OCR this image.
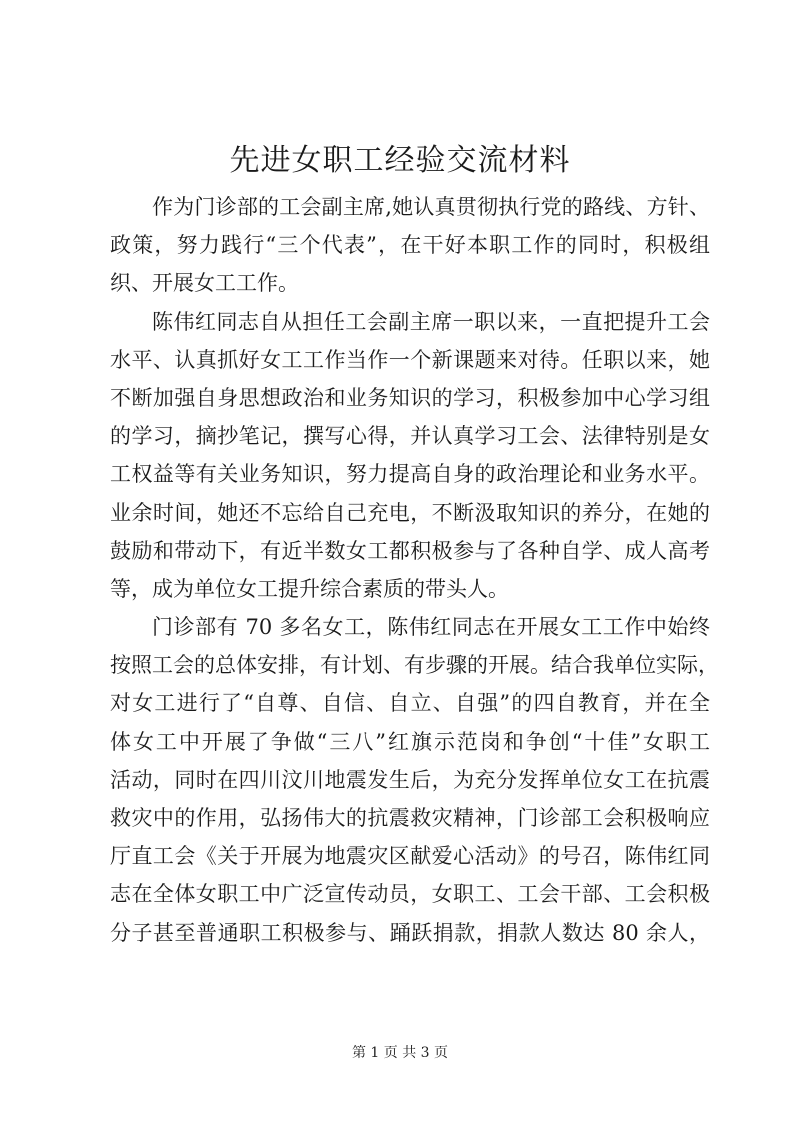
先进女职工经验交流材料
作为门诊部的工会副主席,她认真贯彻执行党的路线、方针、
政策，努力践行“三个代表”，在干好本职工作的同时，积极组
织、开展女工工作。
陈伟红同志自从担任工会副主席一职以来，一直把提升工会
水平、认真抓好女工工作当作一个新课题来对待。任职以来，她
不断加强自身思想政治和业务知识的学习，积极参加中心学习组
的学习，摘抄笔记，撰写心得，并认真学习工会、法律特别是女
工权益等有关业务知识，努力提高自身的政治理论和业务水平。
业余时间，她还不忘给自己充电，不断汲取知识的养分，在她的
鼓励和带动下，有近半数女工都积极参与了各种自学、成人高考
等，成为单位女工提升综合素质的带头人。
门诊部有 70 多名女工，陈伟红同志在开展女工工作中始终
按照工会的总体安排，有计划、有步骤的开展。结合我单位实际，
对女工进行了“自尊、自信、自立、自强”的四自教育，并在全
体女工中开展了争做“三八”红旗示范岗和争创“十佳”女职工
活动，同时在四川汶川地震发生后，为充分发挥单位女工在抗震
救灾中的作用，弘扬伟大的抗震救灾精神，门诊部工会积极响应
厅直工会《关于开展为地震灾区献爱心活动》的号召，陈伟红同
志在全体女职工中广泛宣传动员，女职工、工会干部、工会积极
分子甚至普通职工积极参与、踊跃捐款，捐款人数达 80 余人，
第 1 页 共 3 页
